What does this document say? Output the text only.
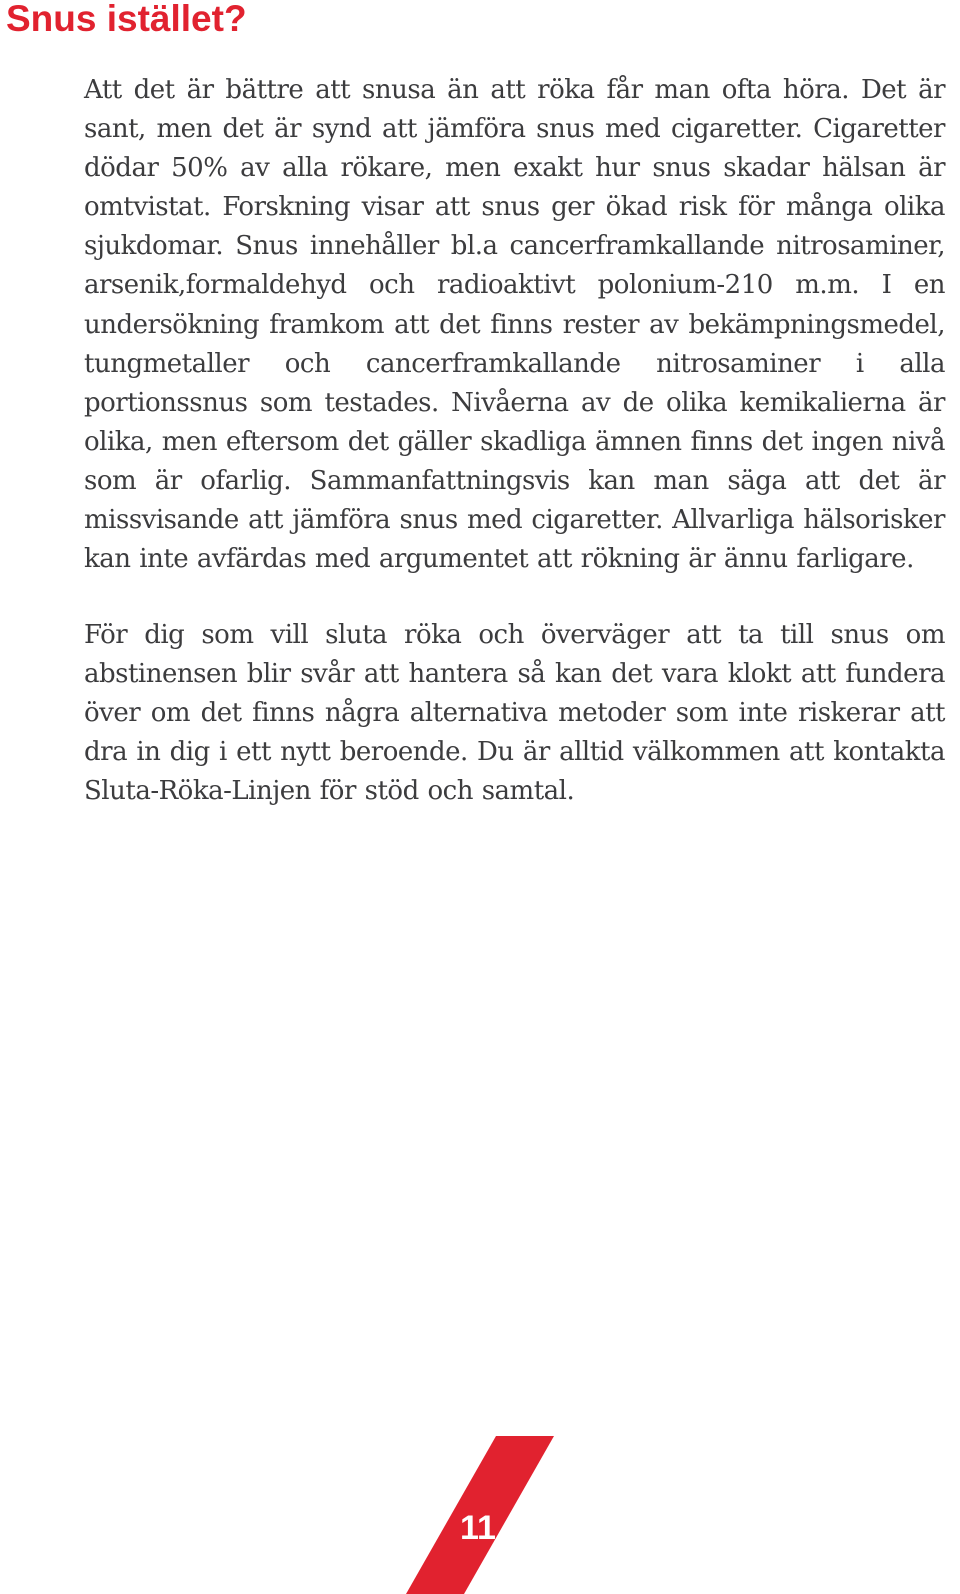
Snus istället?

Att det är bättre att snusa än att röka får man ofta höra. Det är sant, men det är synd att jämföra snus med cigaretter. Cigaretter dödar 50% av alla rökare, men exakt hur snus skadar hälsan är omtvistat. Forskning visar att snus ger ökad risk för många olika sjukdomar. Snus innehåller bl.a cancerframkallande nitrosaminer, arsenik,formaldehyd och radioaktivt polonium-210 m.m. I en undersökning framkom att det finns rester av bekämpningsmedel, tungmetaller och cancerframkallande nitrosaminer i alla portionssnus som testades. Nivåerna av de olika kemikalierna är olika, men eftersom det gäller skadliga ämnen finns det ingen nivå som är ofarlig. Sammanfattningsvis kan man säga att det är missvisande att jämföra snus med cigaretter. Allvarliga hälsorisker kan inte avfärdas med argumentet att rökning är ännu farligare.

För dig som vill sluta röka och överväger att ta till snus om abstinensen blir svår att hantera så kan det vara klokt att fundera över om det finns några alternativa metoder som inte riskerar att dra in dig i ett nytt beroende. Du är alltid välkommen att kontakta Sluta-Röka-Linjen för stöd och samtal.

11
